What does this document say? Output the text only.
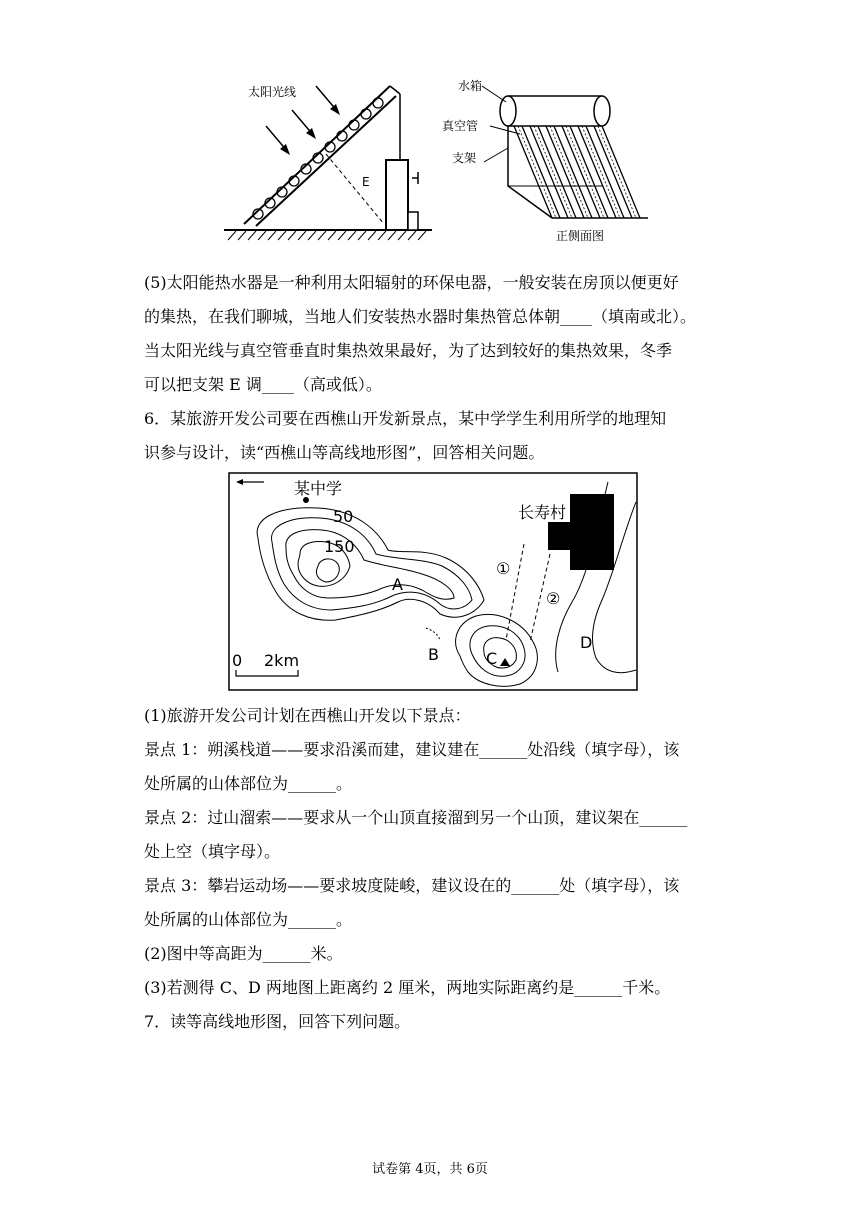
E
太阳光线	水箱
真空管
支架
正侧面图
(5)太阳能热水器是一种利用太阳辐射的环保电器，一般安装在房顶以便更好
的集热，在我们聊城，当地人们安装热水器时集热管总体朝____（填南或北）。
当太阳光线与真空管垂直时集热效果最好，为了达到较好的集热效果，冬季
可以把支架 E 调____（高或低）。
6．某旅游开发公司要在西樵山开发新景点，某中学学生利用所学的地理知
识参与设计，读“西樵山等高线地形图”，回答相关问题。
某中学
长寿村
50
150
A
B	C
D
①
②
0 2km
(1)旅游开发公司计划在西樵山开发以下景点：
景点 1：朔溪栈道——要求沿溪而建，建议建在______处沿线（填字母），该
处所属的山体部位为______。
景点 2：过山溜索——要求从一个山顶直接溜到另一个山顶，建议架在______
处上空（填字母）。
景点 3：攀岩运动场——要求坡度陡峻，建议设在的______处（填字母），该
处所属的山体部位为______。
(2)图中等高距为______米。
(3)若测得 C、D 两地图上距离约 2 厘米，两地实际距离约是______千米。
7．读等高线地形图，回答下列问题。
试卷第 4页，共 6页
